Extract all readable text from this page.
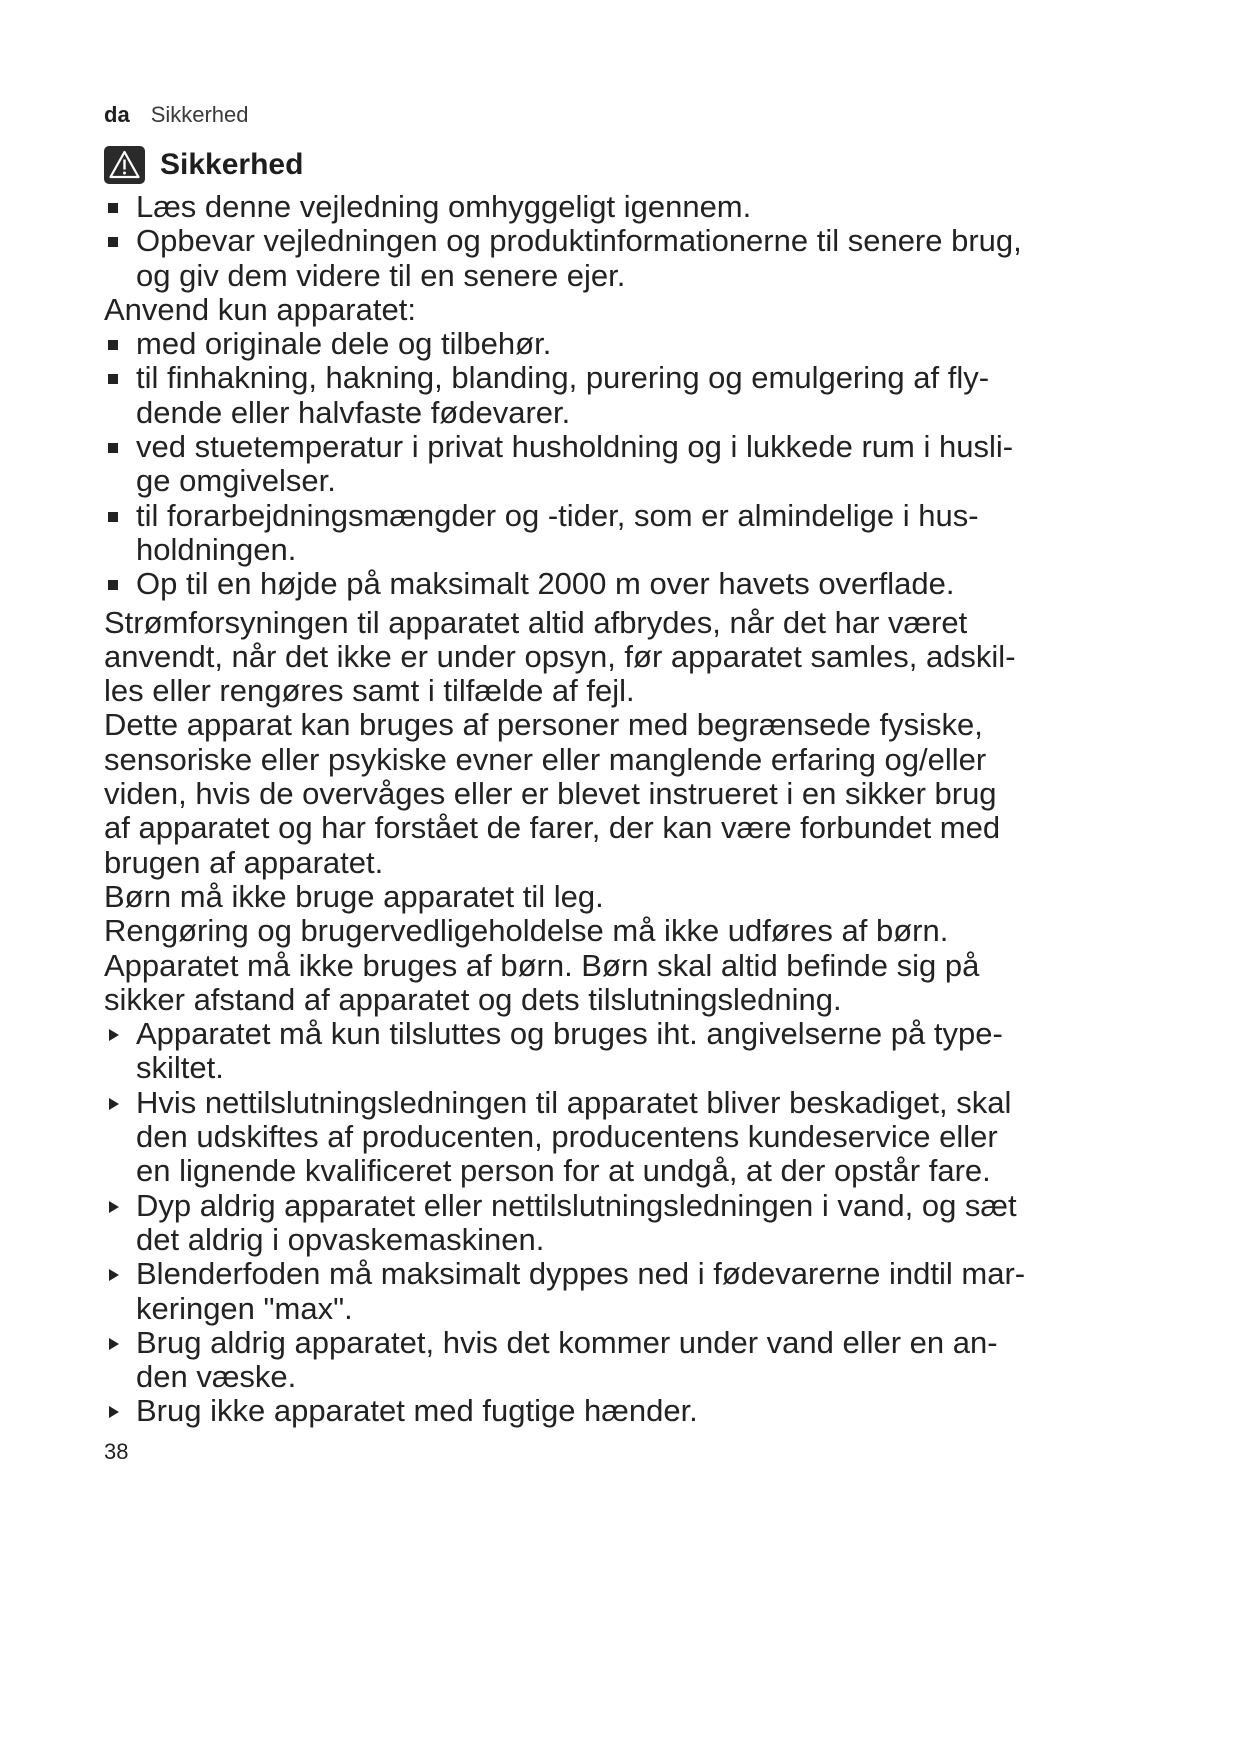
da Sikkerhed
Sikkerhed
Læs denne vejledning omhyggeligt igennem.
Opbevar vejledningen og produktinformationerne til senere brug,
og giv dem videre til en senere ejer.

Anvend kun apparatet:

med originale dele og tilbehør.
til finhakning, hakning, blanding, purering og emulgering af fly-
dende eller halvfaste fødevarer.
ved stuetemperatur i privat husholdning og i lukkede rum i husli-
ge omgivelser.
til forarbejdningsmængder og -tider, som er almindelige i hus-
holdningen.
Op til en højde på maksimalt 2000 m over havets overflade.

Strømforsyningen til apparatet altid afbrydes, når det har været
anvendt, når det ikke er under opsyn, før apparatet samles, adskil-
les eller rengøres samt i tilfælde af fejl.

Dette apparat kan bruges af personer med begrænsede fysiske,
sensoriske eller psykiske evner eller manglende erfaring og/eller
viden, hvis de overvåges eller er blevet instrueret i en sikker brug
af apparatet og har forstået de farer, der kan være forbundet med
brugen af apparatet.

Børn må ikke bruge apparatet til leg.

Rengøring og brugervedligeholdelse må ikke udføres af børn.

Apparatet må ikke bruges af børn. Børn skal altid befinde sig på
sikker afstand af apparatet og dets tilslutningsledning.

Apparatet må kun tilsluttes og bruges iht. angivelserne på type-
skiltet.
Hvis nettilslutningsledningen til apparatet bliver beskadiget, skal
den udskiftes af producenten, producentens kundeservice eller
en lignende kvalificeret person for at undgå, at der opstår fare.
Dyp aldrig apparatet eller nettilslutningsledningen i vand, og sæt
det aldrig i opvaskemaskinen.
Blenderfoden må maksimalt dyppes ned i fødevarerne indtil mar-
keringen "max".
Brug aldrig apparatet, hvis det kommer under vand eller en an-
den væske.
Brug ikke apparatet med fugtige hænder.
38
